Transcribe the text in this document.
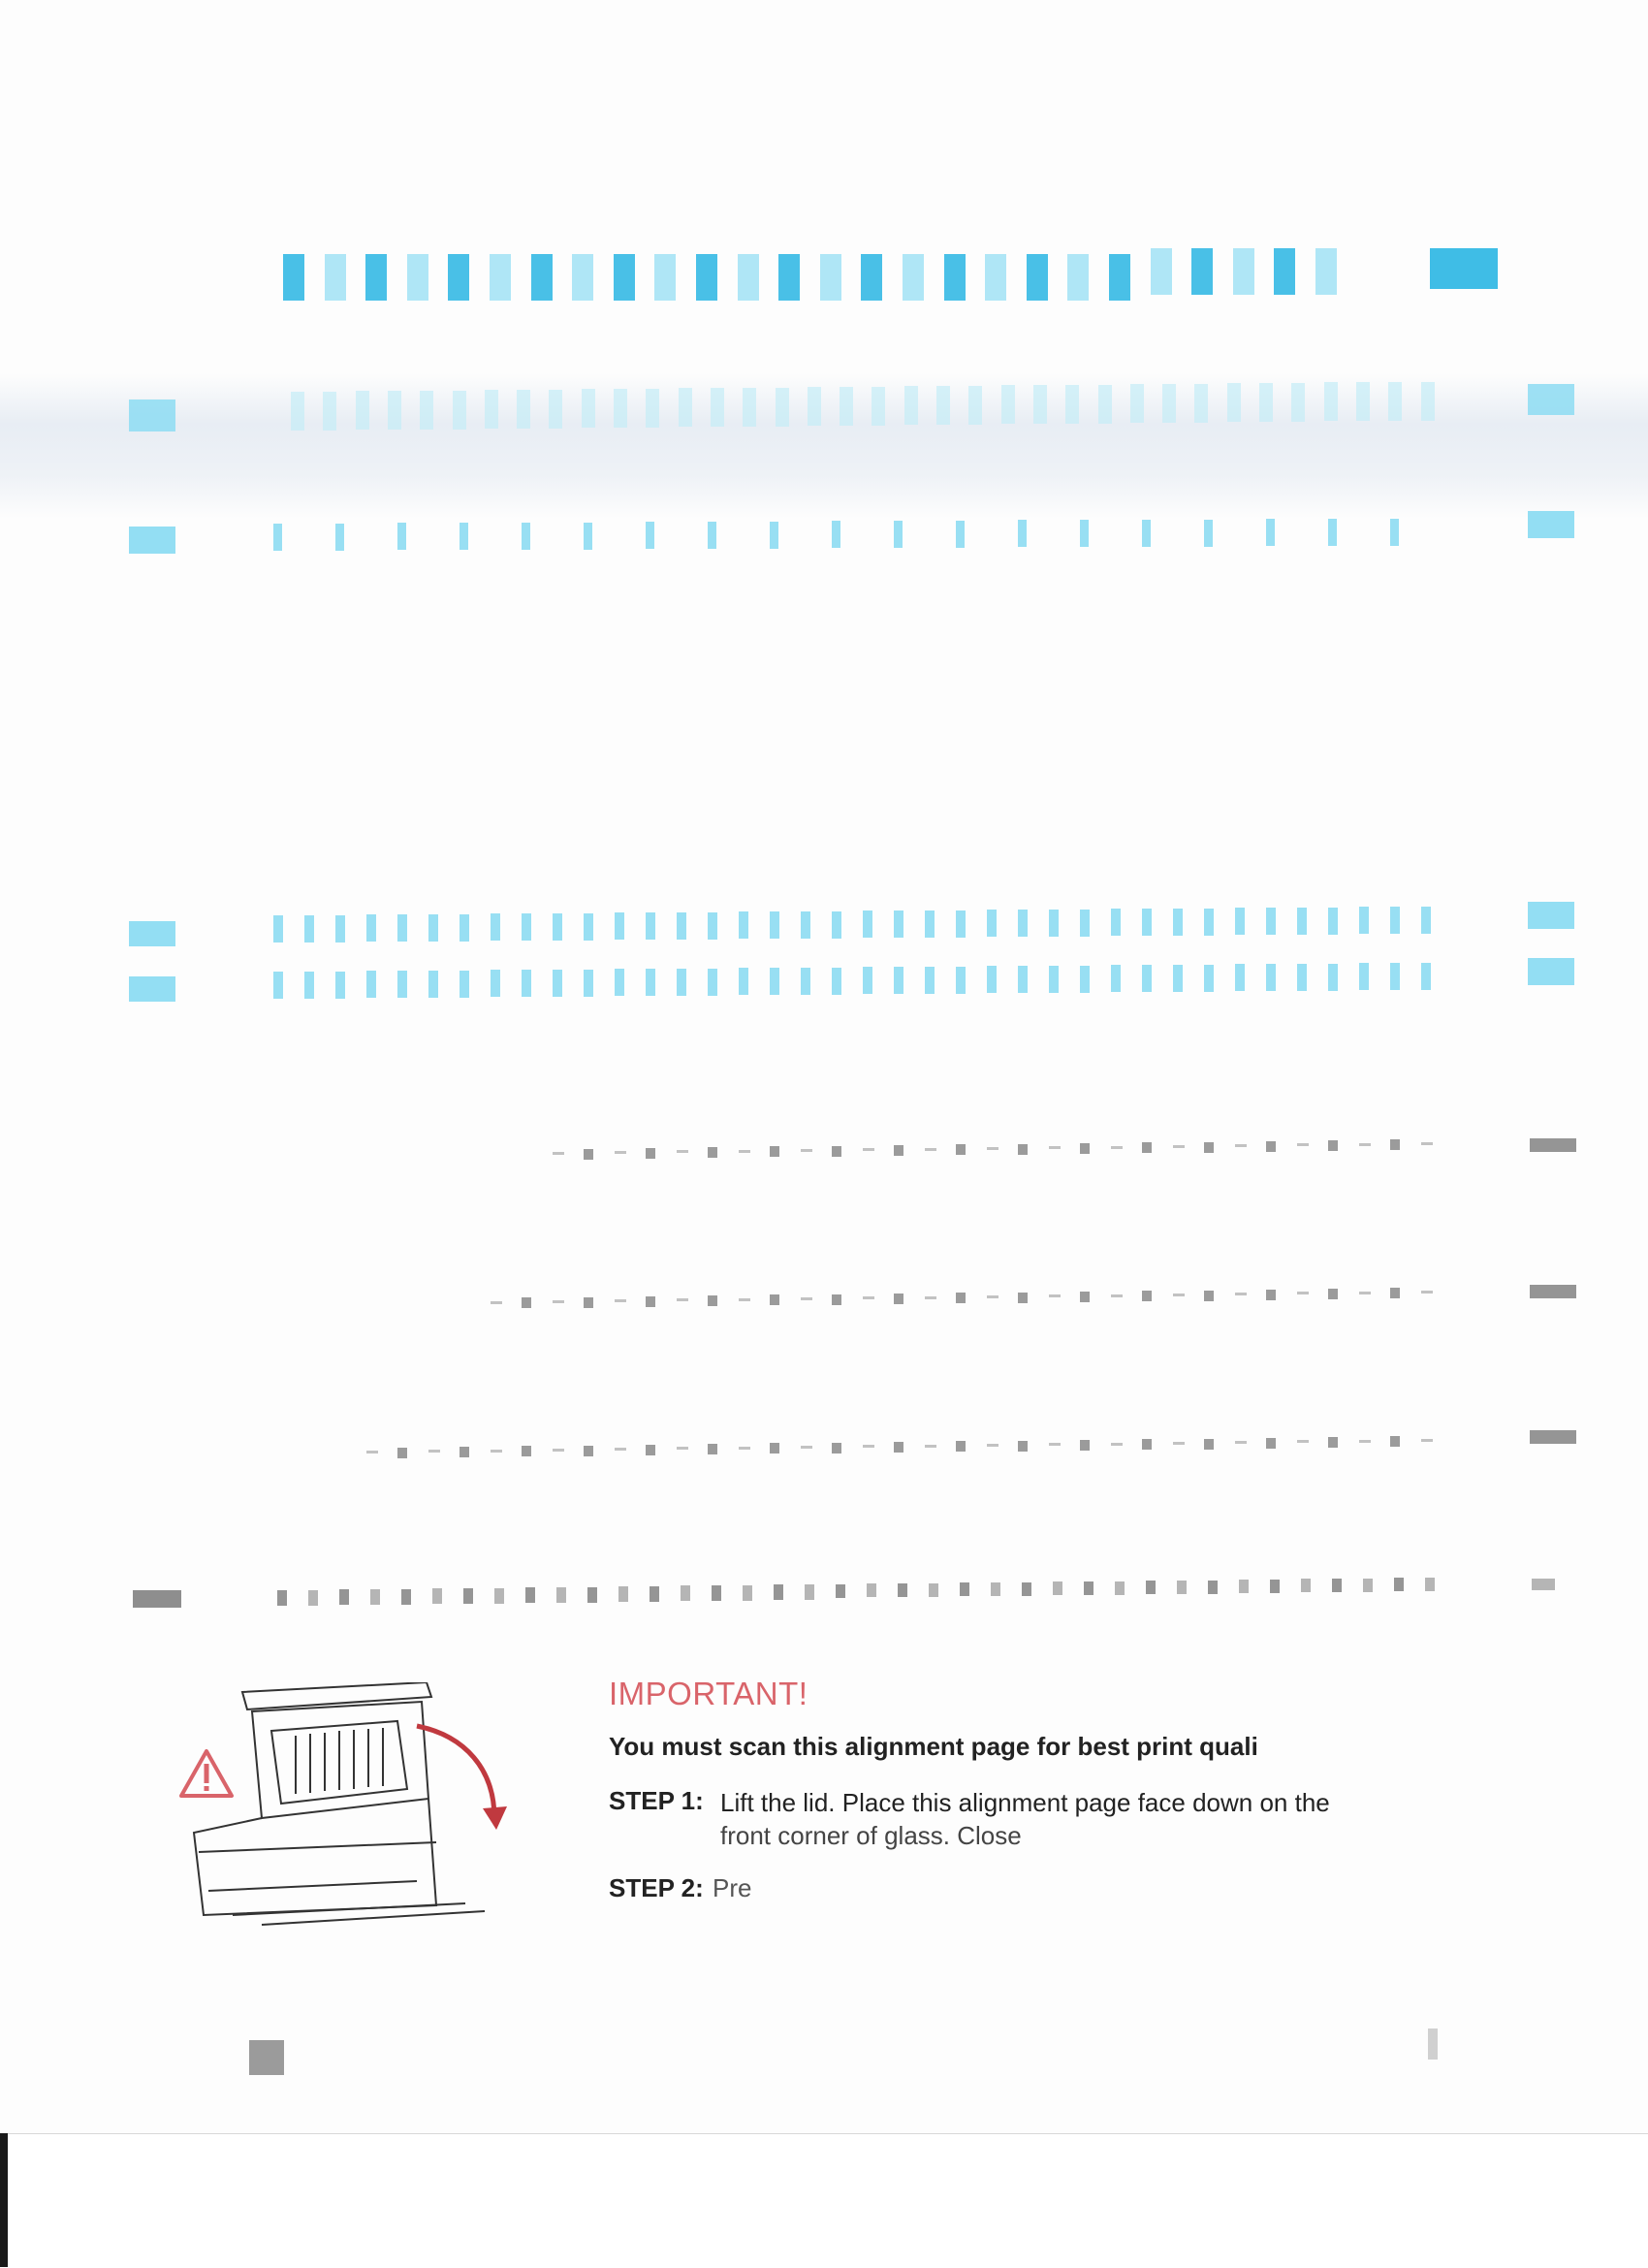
IMPORTANT!
You must scan this alignment page for best print quali
STEP 1: Lift the lid. Place this alignment page face down on the
front corner of glass. Close
STEP 2: Pre
